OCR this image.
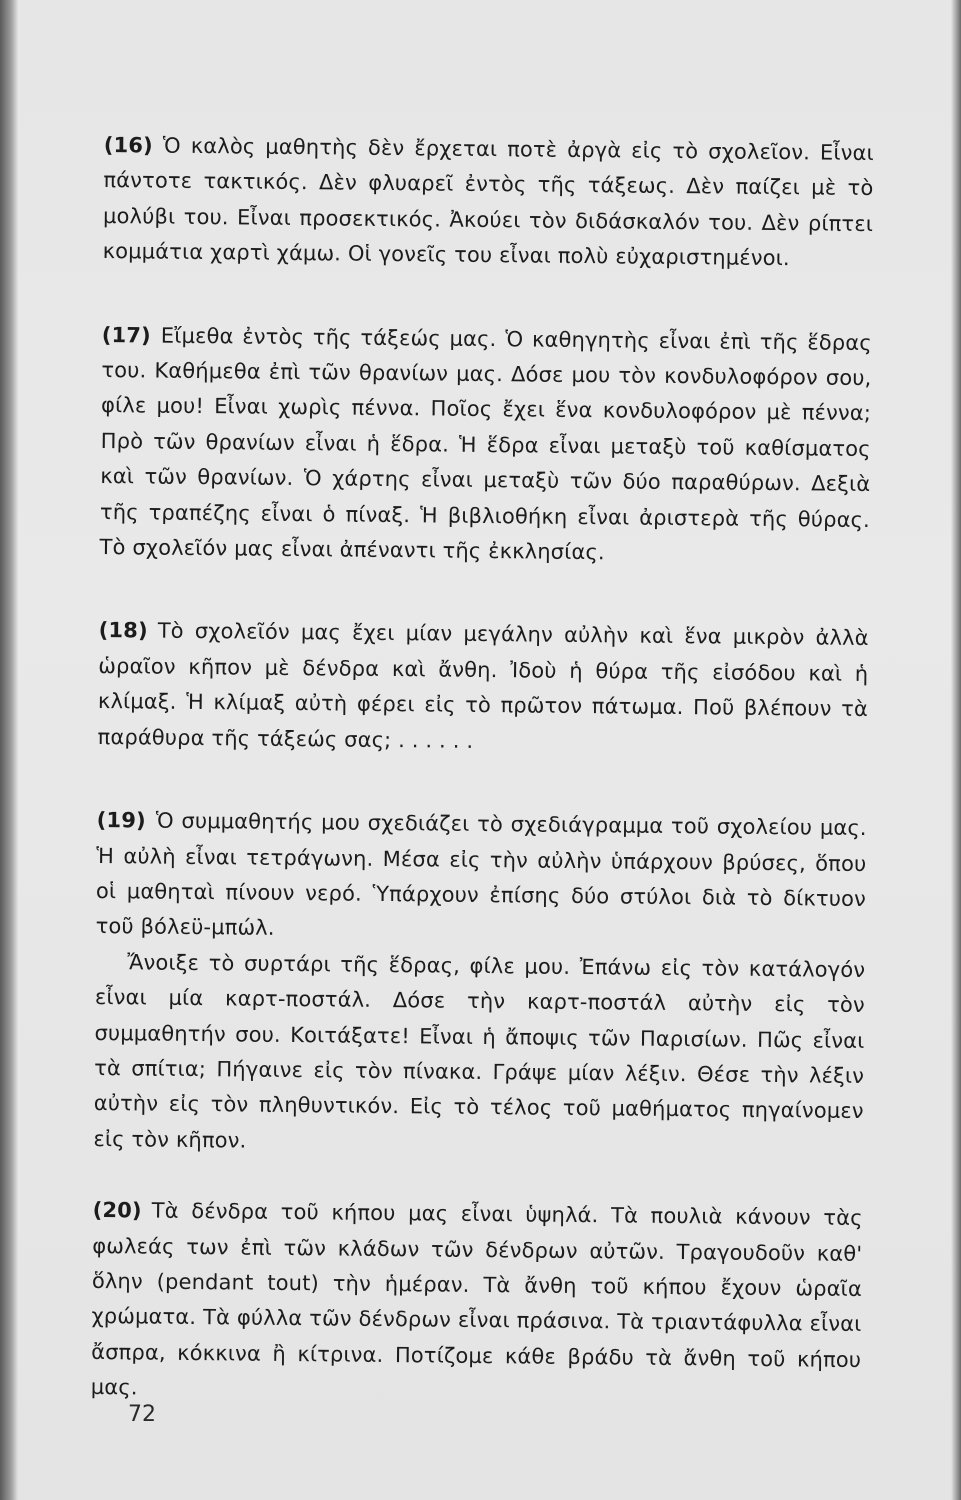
(16) Ὁ καλὸς μαθητὴς δὲν ἔρχεται ποτὲ ἀργὰ εἰς τὸ σχολεῖον. Εἶναι πάντοτε τακτικός. Δὲν φλυαρεῖ ἐντὸς τῆς τάξεως. Δὲν παίζει μὲ τὸ μολύβι του. Εἶναι προσεκτικός. Ἀκούει τὸν διδάσκαλόν του. Δὲν ρίπτει κομμάτια χαρτὶ χάμω. Οἱ γονεῖς του εἶναι πολὺ εὐχαριστημένοι.

(17) Εἴμεθα ἐντὸς τῆς τάξεώς μας. Ὁ καθηγητὴς εἶναι ἐπὶ τῆς ἕδρας του. Καθήμεθα ἐπὶ τῶν θρανίων μας. Δόσε μου τὸν κονδυλοφόρον σου, φίλε μου! Εἶναι χωρὶς πέννα. Ποῖος ἔχει ἕνα κονδυλοφόρον μὲ πέννα; Πρὸ τῶν θρανίων εἶναι ἡ ἕδρα. Ἡ ἕδρα εἶναι μεταξὺ τοῦ καθίσματος καὶ τῶν θρανίων. Ὁ χάρτης εἶναι μεταξὺ τῶν δύο παραθύρων. Δεξιὰ τῆς τραπέζης εἶναι ὁ πίναξ. Ἡ βιβλιοθήκη εἶναι ἀριστερὰ τῆς θύρας. Τὸ σχολεῖόν μας εἶναι ἀπέναντι τῆς ἐκκλησίας.

(18) Τὸ σχολεῖόν μας ἔχει μίαν μεγάλην αὐλὴν καὶ ἕνα μικρὸν ἀλλὰ ὡραῖον κῆπον μὲ δένδρα καὶ ἄνθη. Ἰδοὺ ἡ θύρα τῆς εἰσόδου καὶ ἡ κλίμαξ. Ἡ κλίμαξ αὐτὴ φέρει εἰς τὸ πρῶτον πάτωμα. Ποῦ βλέπουν τὰ παράθυρα τῆς τάξεώς σας; . . . . . .

(19) Ὁ συμμαθητής μου σχεδιάζει τὸ σχεδιάγραμμα τοῦ σχολείου μας. Ἡ αὐλὴ εἶναι τετράγωνη. Μέσα εἰς τὴν αὐλὴν ὑπάρχουν βρύσες, ὅπου οἱ μαθηταὶ πίνουν νερό. Ὑπάρχουν ἐπίσης δύο στύλοι διὰ τὸ δίκτυον τοῦ βόλεϋ-μπώλ.

Ἄνοιξε τὸ συρτάρι τῆς ἕδρας, φίλε μου. Ἐπάνω εἰς τὸν κατάλογόν εἶναι μία καρτ-ποστάλ. Δόσε τὴν καρτ-ποστάλ αὐτὴν εἰς τὸν συμμαθητήν σου. Κοιτάξατε! Εἶναι ἡ ἄποψις τῶν Παρισίων. Πῶς εἶναι τὰ σπίτια; Πήγαινε εἰς τὸν πίνακα. Γράψε μίαν λέξιν. Θέσε τὴν λέξιν αὐτὴν εἰς τὸν πληθυντικόν. Εἰς τὸ τέλος τοῦ μαθήματος πηγαίνομεν εἰς τὸν κῆπον.

(20) Τὰ δένδρα τοῦ κήπου μας εἶναι ὑψηλά. Τὰ πουλιὰ κάνουν τὰς φωλεάς των ἐπὶ τῶν κλάδων τῶν δένδρων αὐτῶν. Τραγουδοῦν καθ' ὅλην (pendant tout) τὴν ἡμέραν. Τὰ ἄνθη τοῦ κήπου ἔχουν ὡραῖα χρώματα. Τὰ φύλλα τῶν δένδρων εἶναι πράσινα. Τὰ τριαντάφυλλα εἶναι ἄσπρα, κόκκινα ἢ κίτρινα. Ποτίζομε κάθε βράδυ τὰ ἄνθη τοῦ κήπου μας.

72
